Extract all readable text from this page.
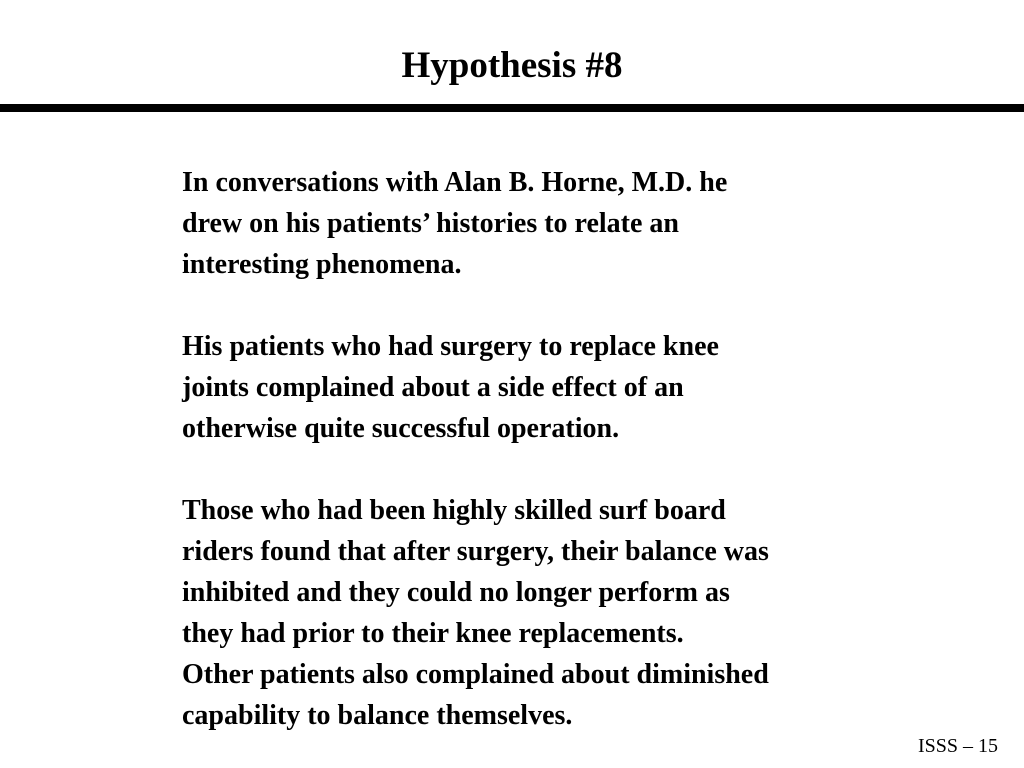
Hypothesis #8
In conversations with Alan B. Horne, M.D. he
drew on his patients’ histories to relate an
interesting phenomena.
His patients who had surgery to replace knee
joints complained about a side effect of an
otherwise quite successful operation.
Those who had been highly skilled surf board
riders found that after surgery, their balance was
inhibited and they could no longer perform as
they had prior to their knee replacements.
Other patients also complained about diminished
capability to balance themselves.
ISSS – 15
